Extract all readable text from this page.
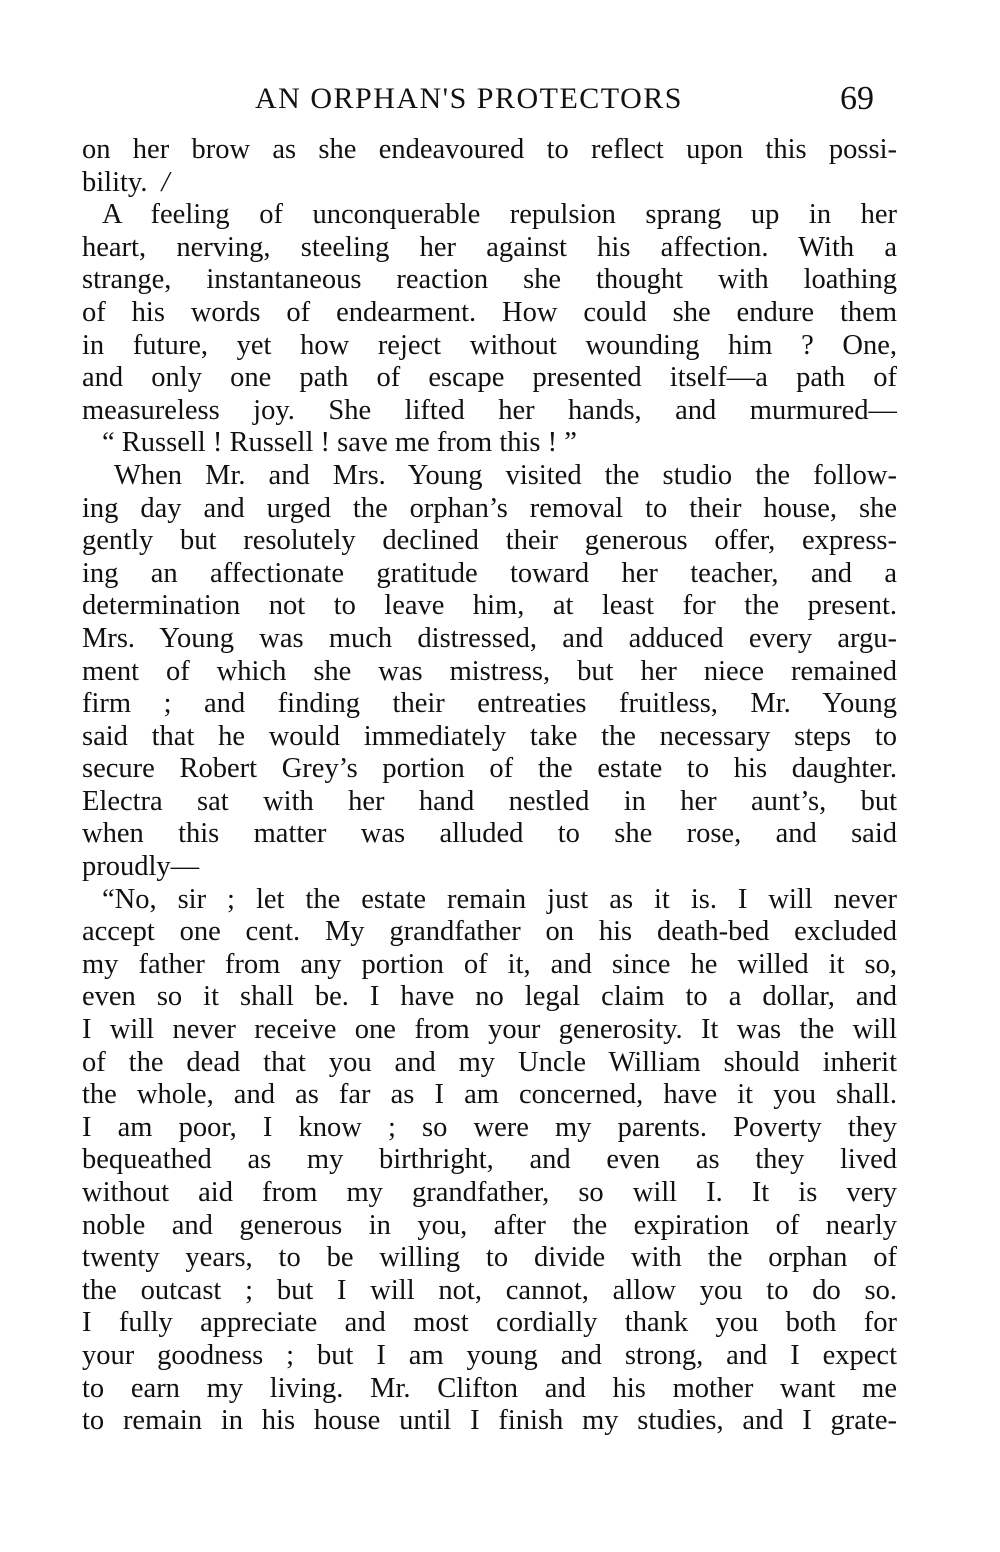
AN ORPHAN'S PROTECTORS	69
on her brow as she endeavoured to reflect upon this possi-
bility. /
A feeling of unconquerable repulsion sprang up in her
heart, nerving, steeling her against his affection. With a
strange, instantaneous reaction she thought with loathing
of his words of endearment. How could she endure them
in future, yet how reject without wounding him ? One,
and only one path of escape presented itself—a path of
measureless joy. She lifted her hands, and murmured—
“ Russell ! Russell ! save me from this ! ”
When Mr. and Mrs. Young visited the studio the follow-
ing day and urged the orphan’s removal to their house, she
gently but resolutely declined their generous offer, express-
ing an affectionate gratitude toward her teacher, and a
determination not to leave him, at least for the present.
Mrs. Young was much distressed, and adduced every argu-
ment of which she was mistress, but her niece remained
firm ; and finding their entreaties fruitless, Mr. Young
said that he would immediately take the necessary steps to
secure Robert Grey’s portion of the estate to his daughter.
Electra sat with her hand nestled in her aunt’s, but
when this matter was alluded to she rose, and said
proudly—
“No, sir ; let the estate remain just as it is. I will never
accept one cent. My grandfather on his death-bed excluded
my father from any portion of it, and since he willed it so,
even so it shall be. I have no legal claim to a dollar, and
I will never receive one from your generosity. It was the will
of the dead that you and my Uncle William should inherit
the whole, and as far as I am concerned, have it you shall.
I am poor, I know ; so were my parents. Poverty they
bequeathed as my birthright, and even as they lived
without aid from my grandfather, so will I. It is very
noble and generous in you, after the expiration of nearly
twenty years, to be willing to divide with the orphan of
the outcast ; but I will not, cannot, allow you to do so.
I fully appreciate and most cordially thank you both for
your goodness ; but I am young and strong, and I expect
to earn my living. Mr. Clifton and his mother want me
to remain in his house until I finish my studies, and I grate-
